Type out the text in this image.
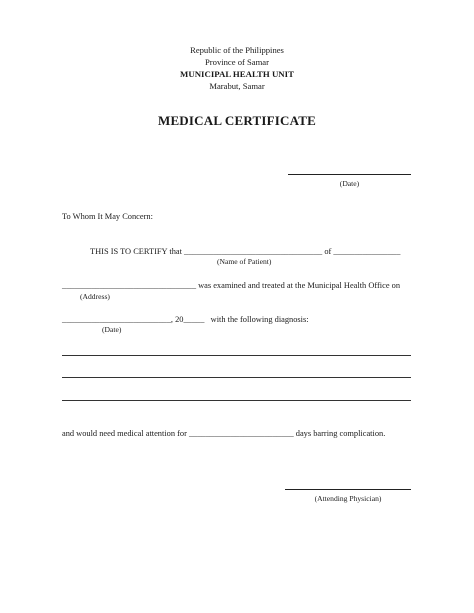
Republic of the Philippines
Province of Samar
MUNICIPAL HEALTH UNIT
Marabut, Samar
MEDICAL CERTIFICATE
(Date)
To Whom It May Concern:
THIS IS TO CERTIFY that _________________________________ of ________________
(Name of Patient)
________________________________ was examined and treated at the Municipal Health Office on
(Address)
__________________________, 20_____ with the following diagnosis:
(Date)
and would need medical attention for _________________________ days barring complication.
(Attending Physician)
